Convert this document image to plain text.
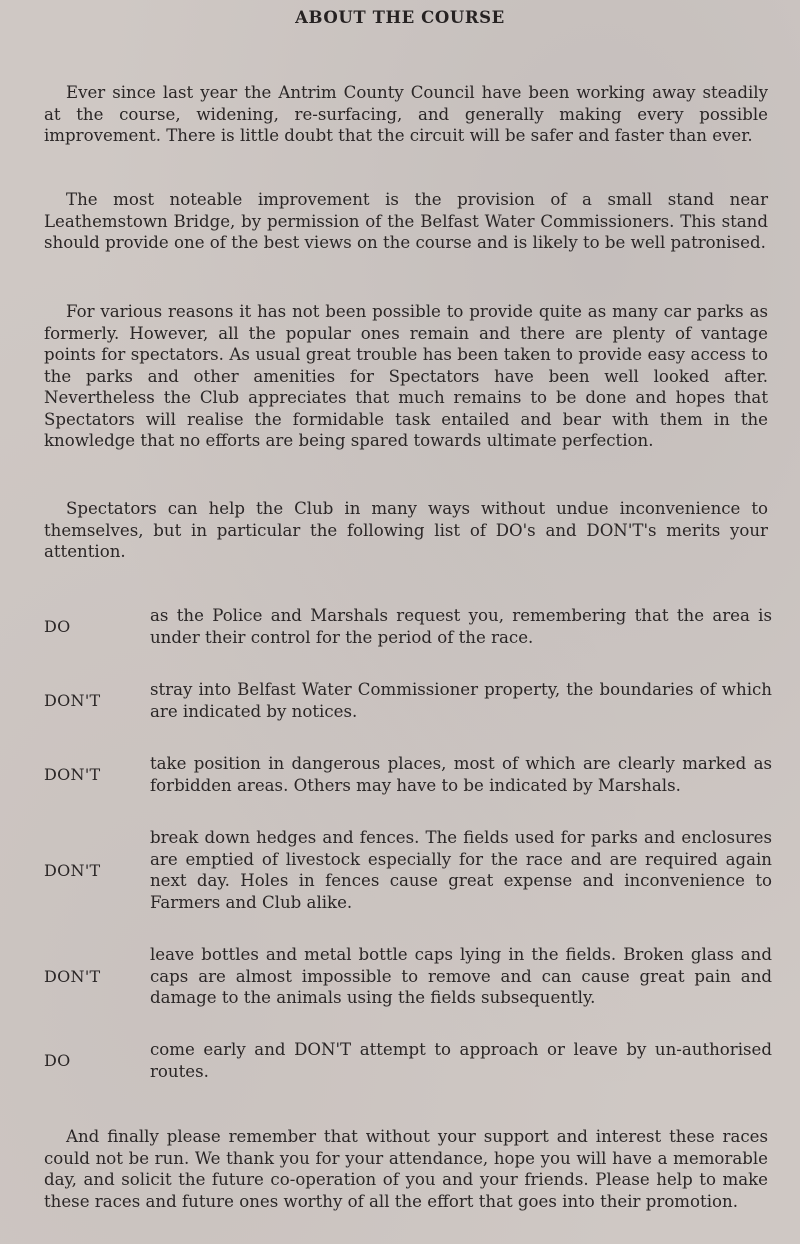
ABOUT THE COURSE

Ever since last year the Antrim County Council have been working away steadily at the course, widening, re-surfacing, and generally making every possible improvement. There is little doubt that the circuit will be safer and faster than ever.

The most noteable improvement is the provision of a small stand near Leathemstown Bridge, by permission of the Belfast Water Commissioners. This stand should provide one of the best views on the course and is likely to be well patronised.

For various reasons it has not been possible to provide quite as many car parks as formerly. However, all the popular ones remain and there are plenty of vantage points for spectators. As usual great trouble has been taken to provide easy access to the parks and other amenities for Spectators have been well looked after. Nevertheless the Club appreciates that much remains to be done and hopes that Spectators will realise the formidable task entailed and bear with them in the knowledge that no efforts are being spared towards ultimate perfection.

Spectators can help the Club in many ways without undue inconvenience to themselves, but in particular the following list of DO's and DON'T's merits your attention.

DO
as the Police and Marshals request you, remembering that the area is under their control for the period of the race.
DON'T
stray into Belfast Water Commissioner property, the boundaries of which are indicated by notices.
DON'T
take position in dangerous places, most of which are clearly marked as forbidden areas. Others may have to be indicated by Marshals.
DON'T
break down hedges and fences. The fields used for parks and enclosures are emptied of livestock especially for the race and are required again next day. Holes in fences cause great expense and inconvenience to Farmers and Club alike.
DON'T
leave bottles and metal bottle caps lying in the fields. Broken glass and caps are almost impossible to remove and can cause great pain and damage to the animals using the fields subsequently.
DO
come early and DON'T attempt to approach or leave by un-authorised routes.

And finally please remember that without your support and interest these races could not be run. We thank you for your attendance, hope you will have a memorable day, and solicit the future co-operation of you and your friends. Please help to make these races and future ones worthy of all the effort that goes into their promotion.
